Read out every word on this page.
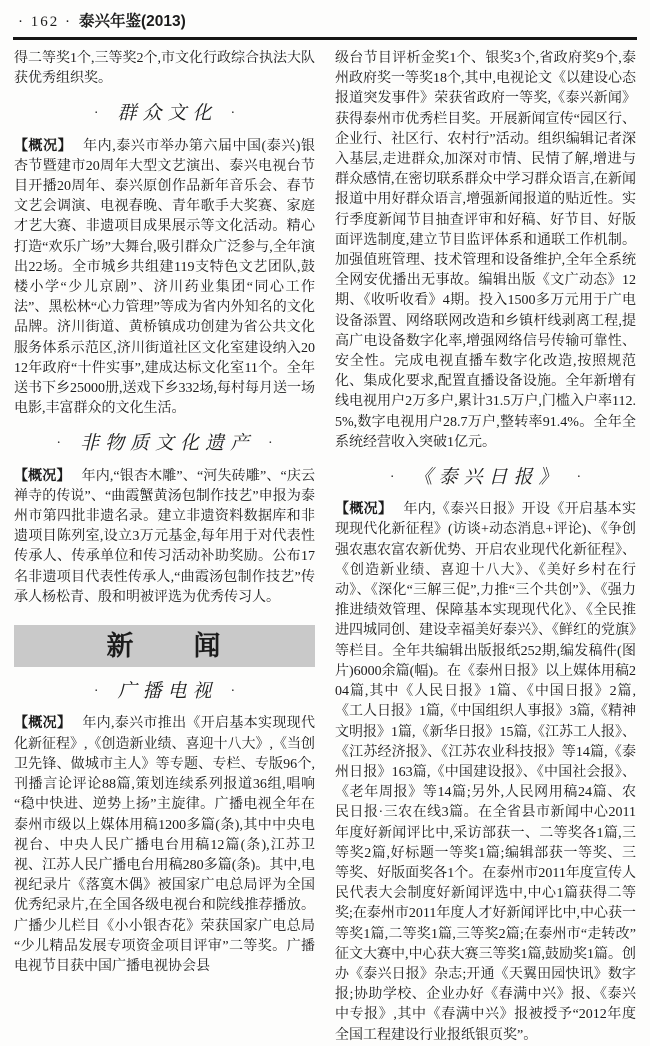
· 162 · 泰兴年鉴(2013)

得二等奖1个,三等奖2个,市文化行政综合执法大队获优秀组织奖。

·	群众文化 ·

【概况】 年内,泰兴市举办第六届中国(泰兴)银杏节暨建市20周年大型文艺演出、泰兴电视台节目开播20周年、泰兴原创作品新年音乐会、春节文艺会调演、电视春晚、青年歌手大奖赛、家庭才艺大赛、非遗项目成果展示等文化活动。精心打造“欢乐广场”大舞台,吸引群众广泛参与,全年演出22场。全市城乡共组建119支特色文艺团队,鼓楼小学“少儿京剧”、济川药业集团“同心工作法”、黑松林“心力管理”等成为省内外知名的文化品牌。济川街道、黄桥镇成功创建为省公共文化服务体系示范区,济川街道社区文化室建设纳入2012年政府“十件实事”,建成达标文化室11个。全年送书下乡25000册,送戏下乡332场,每村每月送一场电影,丰富群众的文化生活。

·	非物质文化遗产 ·

【概况】 年内,“银杏木雕”、“河失砖雕”、“庆云禅寺的传说”、“曲霞蟹黄汤包制作技艺”申报为泰州市第四批非遗名录。建立非遗资料数据库和非遗项目陈列室,设立3万元基金,每年用于对代表性传承人、传承单位和传习活动补助奖励。公布17名非遗项目代表性传承人,“曲霞汤包制作技艺”传承人杨松青、殷和明被评选为优秀传习人。

新　　闻
·	广播电视 ·

【概况】 年内,泰兴市推出《开启基本实现现代化新征程》,《创造新业绩、喜迎十八大》,《当创卫先锋、做城市主人》等专题、专栏、专版96个,刊播言论评论88篇,策划连续系列报道36组,唱响“稳中快进、逆势上扬”主旋律。广播电视全年在泰州市级以上媒体用稿1200多篇(条),其中中央电视台、中央人民广播电台用稿12篇(条),江苏卫视、江苏人民广播电台用稿280多篇(条)。其中,电视纪录片《落寞木偶》被国家广电总局评为全国优秀纪录片,在全国各级电视台和院线推荐播放。广播少儿栏目《小小银杏花》荣获国家广电总局“少儿精品发展专项资金项目评审”二等奖。广播电视节目获中国广播电视协会县

级台节目评析金奖1个、银奖3个,省政府奖9个,泰州政府奖一等奖18个,其中,电视论文《以建设心态报道突发事件》荣获省政府一等奖,《泰兴新闻》获得泰州市优秀栏目奖。开展新闻宣传“园区行、企业行、社区行、农村行”活动。组织编辑记者深入基层,走进群众,加深对市情、民情了解,增进与群众感情,在密切联系群众中学习群众语言,在新闻报道中用好群众语言,增强新闻报道的贴近性。实行季度新闻节目抽查评审和好稿、好节目、好版面评选制度,建立节目监评体系和通联工作机制。加强值班管理、技术管理和设备维护,全年全系统全网安优播出无事故。编辑出版《文广动态》12期、《收听收看》4期。投入1500多万元用于广电设备添置、网络联网改造和乡镇杆线剥离工程,提高广电设备数字化率,增强网络信号传输可靠性、安全性。完成电视直播车数字化改造,按照规范化、集成化要求,配置直播设备设施。全年新增有线电视用户2万多户,累计31.5万户,门槛入户率112.5%,数字电视用户28.7万户,整转率91.4%。全年全系统经营收入突破1亿元。

·	《泰兴日报》 ·

【概况】 年内,《泰兴日报》开设《开启基本实现现代化新征程》(访谈+动态消息+评论)、《争创强农惠农富农新优势、开启农业现代化新征程》、《创造新业绩、喜迎十八大》、《美好乡村在行动》、《深化“三解三促”,力推“三个共创”》、《强力推进绩效管理、保障基本实现现代化》、《全民推进四城同创、建设幸福美好泰兴》、《鲜红的党旗》等栏目。全年共编辑出版报纸252期,编发稿件(图片)6000余篇(幅)。在《泰州日报》以上媒体用稿204篇,其中《人民日报》1篇、《中国日报》2篇,《工人日报》1篇,《中国组织人事报》3篇,《精神文明报》1篇,《新华日报》15篇,《江苏工人报》、《江苏经济报》、《江苏农业科技报》等14篇,《泰州日报》163篇,《中国建设报》、《中国社会报》、《老年周报》等14篇;另外,人民网用稿24篇、农民日报·三农在线3篇。在全省县市新闻中心2011年度好新闻评比中,采访部获一、二等奖各1篇,三等奖2篇,好标题一等奖1篇;编辑部获一等奖、三等奖、好版面奖各1个。在泰州市2011年度宣传人民代表大会制度好新闻评选中,中心1篇获得二等奖;在泰州市2011年度人才好新闻评比中,中心获一等奖1篇,二等奖1篇,三等奖2篇;在泰州市“走转改”征文大赛中,中心获大赛三等奖1篇,鼓励奖1篇。创办《泰兴日报》杂志;开通《天翼田园快讯》数字报;协助学校、企业办好《春满中兴》报、《泰兴中专报》,其中《春满中兴》报被授予“2012年度全国工程建设行业报纸银页奖”。
